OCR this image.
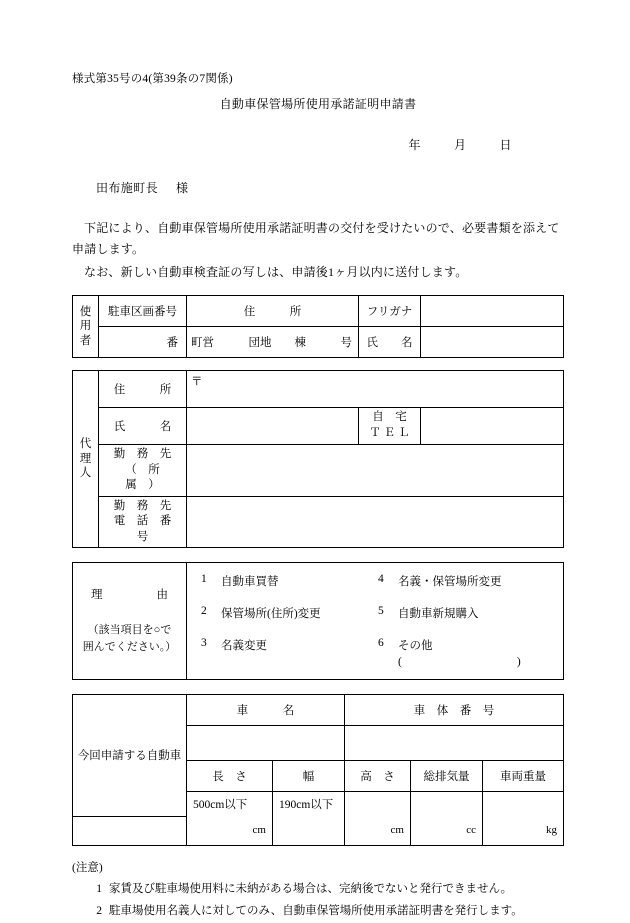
様式第35号の4(第39条の7関係)
自動車保管場所使用承諾証明申請書
年	月	日
田布施町長 様
下記により、自動車保管場所使用承諾証明書の交付を受けたいので、必要書類を添えて申請します。
なお、新しい自動車検査証の写しは、申請後1ヶ月以内に送付します。
使
用
者	駐車区画番号	住　　　所	フリガナ	
	番	町営　　　団地　　棟　　　号	氏　　名	
代
理
人	住　　　所	〒		
	氏　　　名		自　宅
Ｔ Ｅ Ｌ	

	勤　務　先
（　所　　属　）			

	勤　務　先
電　話　番　号			

理　　由
（該当項目を○で
囲んでください。）

1	自動車買替	4	名義・保管場所変更
2	保管場所(住所)変更	5	自動車新規購入
3	名義変更	6	その他(　　　　　　　　　　)
今回申請する自動車	車　　　名		車　体　番　号		

	長　さ	幅	高　さ	総排気量	車両重量
	500cm以下	190cm以下			
	cm		cm	cc	kg
(注意)
1 家賃及び駐車場使用料に未納がある場合は、完納後でないと発行できません。
2 駐車場使用名義人に対してのみ、自動車保管場所使用承諾証明書を発行します。
